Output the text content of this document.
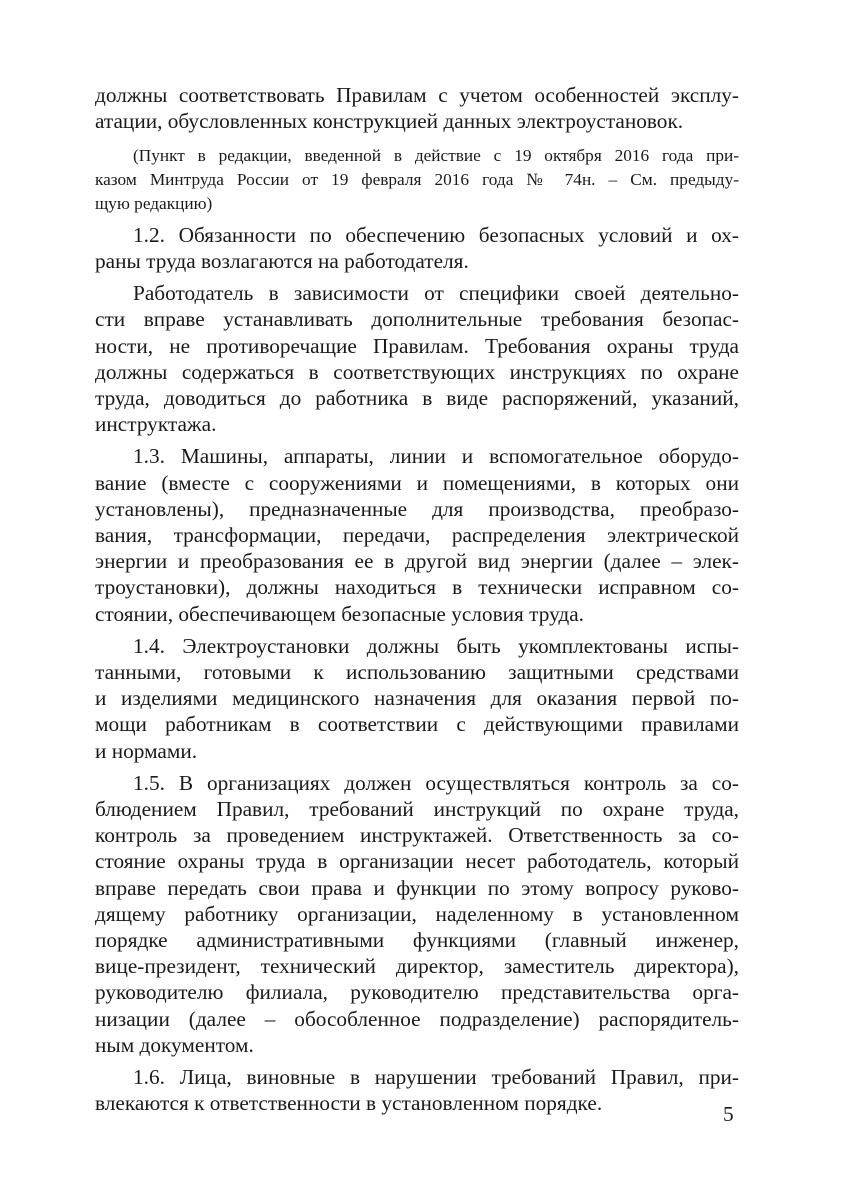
должны соответствовать Правилам с учетом особенностей эксплу-
атации, обусловленных конструкцией данных электроустановок.

(Пункт в редакции, введенной в действие с 19 октября 2016 года при-
казом Минтруда России от 19 февраля 2016 года № 74н. – См. предыду-
щую редакцию)

1.2. Обязанности по обеспечению безопасных условий и ох-
раны труда возлагаются на работодателя.

Работодатель в зависимости от специфики своей деятельно-
сти вправе устанавливать дополнительные требования безопас-
ности, не противоречащие Правилам. Требования охраны труда
должны содержаться в соответствующих инструкциях по охране
труда, доводиться до работника в виде распоряжений, указаний,
инструктажа.

1.3. Машины, аппараты, линии и вспомогательное оборудо-
вание (вместе с сооружениями и помещениями, в которых они
установлены), предназначенные для производства, преобразо-
вания, трансформации, передачи, распределения электрической
энергии и преобразования ее в другой вид энергии (далее – элек-
троустановки), должны находиться в технически исправном со-
стоянии, обеспечивающем безопасные условия труда.

1.4. Электроустановки должны быть укомплектованы испы-
танными, готовыми к использованию защитными средствами
и изделиями медицинского назначения для оказания первой по-
мощи работникам в соответствии с действующими правилами
и нормами.

1.5. В организациях должен осуществляться контроль за со-
блюдением Правил, требований инструкций по охране труда,
контроль за проведением инструктажей. Ответственность за со-
стояние охраны труда в организации несет работодатель, который
вправе передать свои права и функции по этому вопросу руково-
дящему работнику организации, наделенному в установленном
порядке административными функциями (главный инженер,
вице-президент, технический директор, заместитель директора),
руководителю филиала, руководителю представительства орга-
низации (далее – обособленное подразделение) распорядитель-
ным документом.

1.6. Лица, виновные в нарушении требований Правил, при-
влекаются к ответственности в установленном порядке.	5
